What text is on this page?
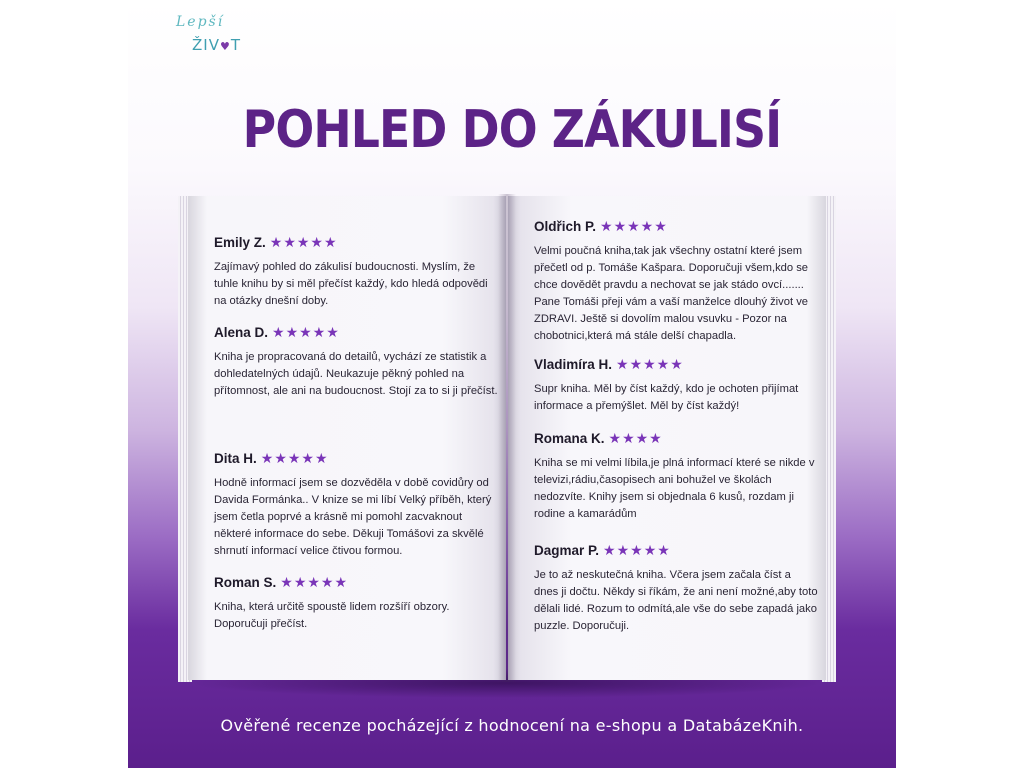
Lepší
ŽIV♥T
POHLED DO ZÁKULISÍ
Emily Z. ★★★★★
Zajímavý pohled do zákulisí budoucnosti. Myslím, že tuhle knihu by si měl přečíst každý, kdo hledá odpovědi na otázky dnešní doby.
Alena D. ★★★★★
Kniha je propracovaná do detailů, vychází ze statistik a dohledatelných údajů. Neukazuje pěkný pohled na přítomnost, ale ani na budoucnost. Stojí za to si ji přečíst.
Dita H. ★★★★★
Hodně informací jsem se dozvěděla v době covidůry od Davida Formánka.. V knize se mi líbí Velký příběh, který jsem četla poprvé a krásně mi pomohl zacvaknout některé informace do sebe. Děkuji Tomášovi za skvělé shrnutí informací velice čtivou formou.
Roman S. ★★★★★
Kniha, která určitě spoustě lidem rozšíří obzory. Doporučuji přečíst.
Oldřich P. ★★★★★
Velmi poučná kniha,tak jak všechny ostatní které jsem přečetl od p. Tomáše Kašpara. Doporučuji všem,kdo se chce dovědět pravdu a nechovat se jak stádo ovcí....... Pane Tomáši přeji vám a vaší manželce dlouhý život ve ZDRAVI. Ještě si dovolím malou vsuvku - Pozor na chobotnici,která má stále delší chapadla.
Vladimíra H. ★★★★★
Supr kniha. Měl by číst každý, kdo je ochoten přijímat informace a přemýšlet. Měl by číst každý!
Romana K. ★★★★
Kniha se mi velmi líbila,je plná informací které se nikde v televizi,rádiu,časopisech ani bohužel ve školách nedozvíte. Knihy jsem si objednala 6 kusů, rozdam ji rodine a kamarádům
Dagmar P. ★★★★★
Je to až neskutečná kniha. Včera jsem začala číst a dnes ji dočtu. Někdy si říkám, že ani není možné,aby toto dělali lidé. Rozum to odmítá,ale vše do sebe zapadá jako puzzle. Doporučuji.
Ověřené recenze pocházející z hodnocení na e-shopu a DatabázeKnih.
